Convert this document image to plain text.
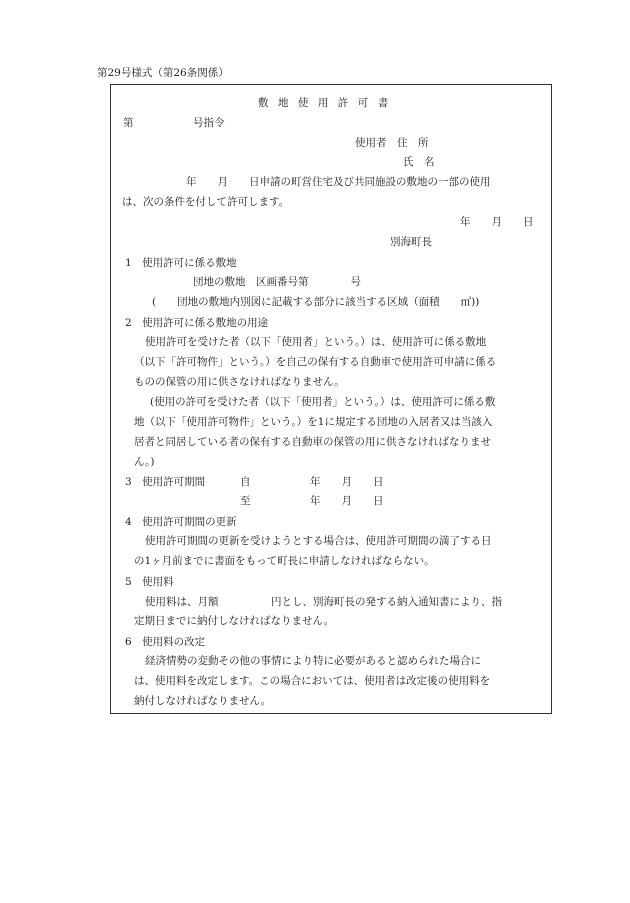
第29号様式（第26条関係）
敷地使用許可書
第	号指令
使用者　住　所
氏　名
年　　月　　日申請の町営住宅及び共同施設の敷地の一部の使用
は、次の条件を付して許可します。
年　　月　　日
別海町長
1　使用許可に係る敷地
団地の敷地　区画番号第　　　　号
(　　団地の敷地内別図に記載する部分に該当する区域（面積　　㎡))
2　使用許可に係る敷地の用途
使用許可を受けた者（以下「使用者」という。）は、使用許可に係る敷地
（以下「許可物件」という。）を自己の保有する自動車で使用許可申請に係る
ものの保管の用に供さなければなりません。
(使用の許可を受けた者（以下「使用者」という。）は、使用許可に係る敷
地（以下「使用許可物件」という。）を1に規定する団地の入居者又は当該入
居者と同居している者の保有する自動車の保管の用に供さなければなりませ
ん。)
3　使用許可期間	自	年　　月　　日
至	年　　月　　日
4　使用許可期間の更新
使用許可期間の更新を受けようとする場合は、使用許可期間の満了する日
の1ヶ月前までに書面をもって町長に申請しなければならない。
5　使用料
使用料は、月額　　　　　円とし、別海町長の発する納入通知書により、指
定期日までに納付しなければなりません。
6　使用料の改定
経済情勢の変動その他の事情により特に必要があると認められた場合に
は、使用料を改定します。この場合においては、使用者は改定後の使用料を
納付しなければなりません。
